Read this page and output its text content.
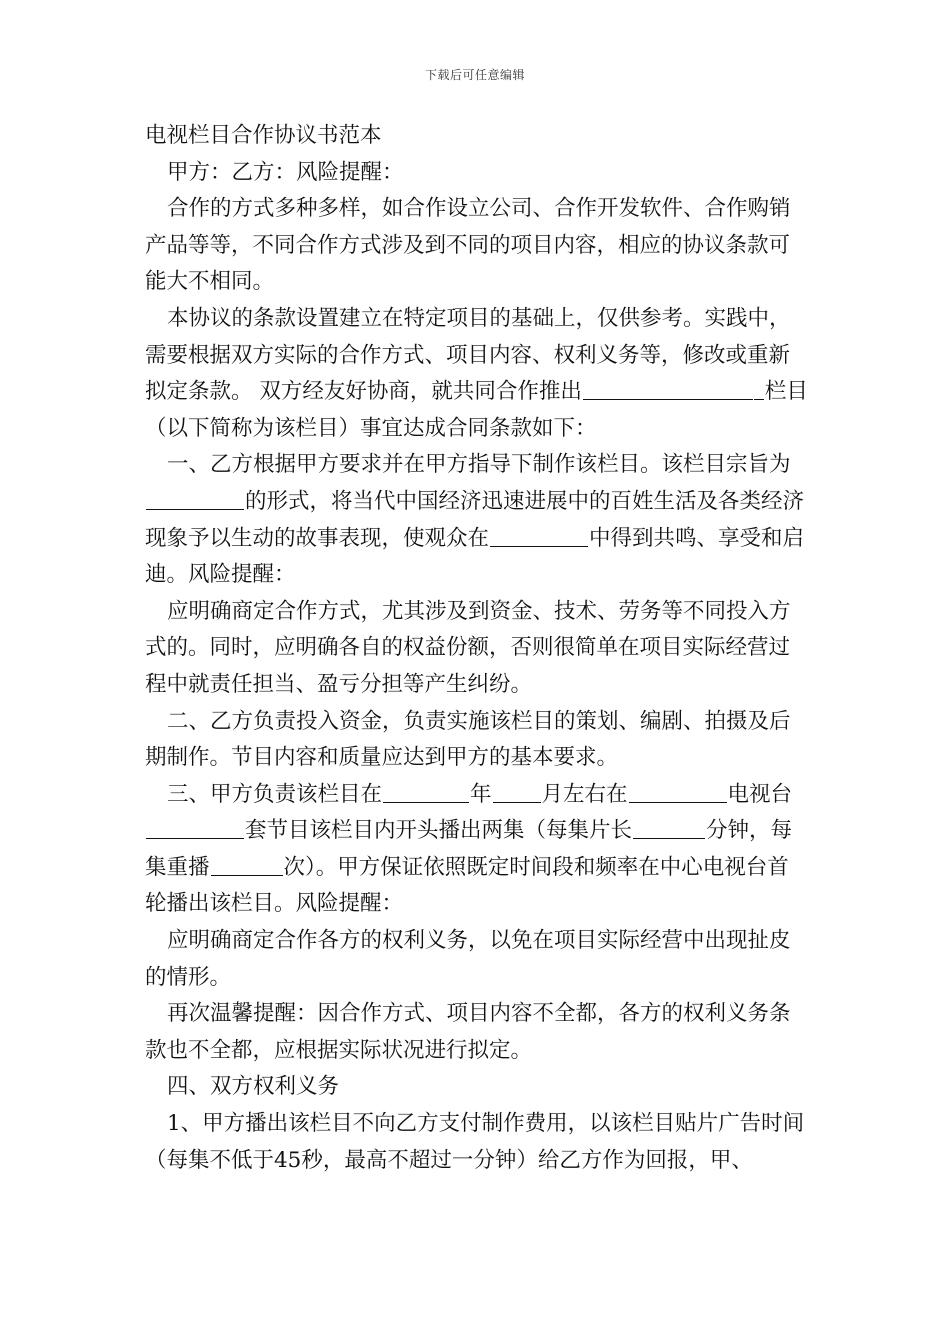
下载后可任意编辑

电视栏目合作协议书范本

甲方：乙方：风险提醒：

合作的方式多种多样，如合作设立公司、合作开发软件、合作购销产品等等，不同合作方式涉及到不同的项目内容，相应的协议条款可能大不相同。

本协议的条款设置建立在特定项目的基础上，仅供参考。实践中，需要根据双方实际的合作方式、项目内容、权利义务等，修改或重新拟定条款。 双方经友好协商，就共同合作推出	栏目（以下简称为该栏目）事宜达成合同条款如下：

一、乙方根据甲方要求并在甲方指导下制作该栏目。该栏目宗旨为的形式，将当代中国经济迅速进展中的百姓生活及各类经济现象予以生动的故事表现，使观众在	中得到共鸣、享受和启迪。风险提醒：

应明确商定合作方式，尤其涉及到资金、技术、劳务等不同投入方式的。同时，应明确各自的权益份额，否则很简单在项目实际经营过程中就责任担当、盈亏分担等产生纠纷。

二、乙方负责投入资金，负责实施该栏目的策划、编剧、拍摄及后期制作。节目内容和质量应达到甲方的基本要求。

三、甲方负责该栏目在	年 月左右在	电视台套节目该栏目内开头播出两集（每集片长	分钟，每集重播	次）。甲方保证依照既定时间段和频率在中心电视台首轮播出该栏目。风险提醒：

应明确商定合作各方的权利义务，以免在项目实际经营中出现扯皮的情形。

再次温馨提醒：因合作方式、项目内容不全都，各方的权利义务条款也不全都，应根据实际状况进行拟定。

四、双方权利义务

1、甲方播出该栏目不向乙方支付制作费用，以该栏目贴片广告时间（每集不低于45秒，最高不超过一分钟）给乙方作为回报，甲、
